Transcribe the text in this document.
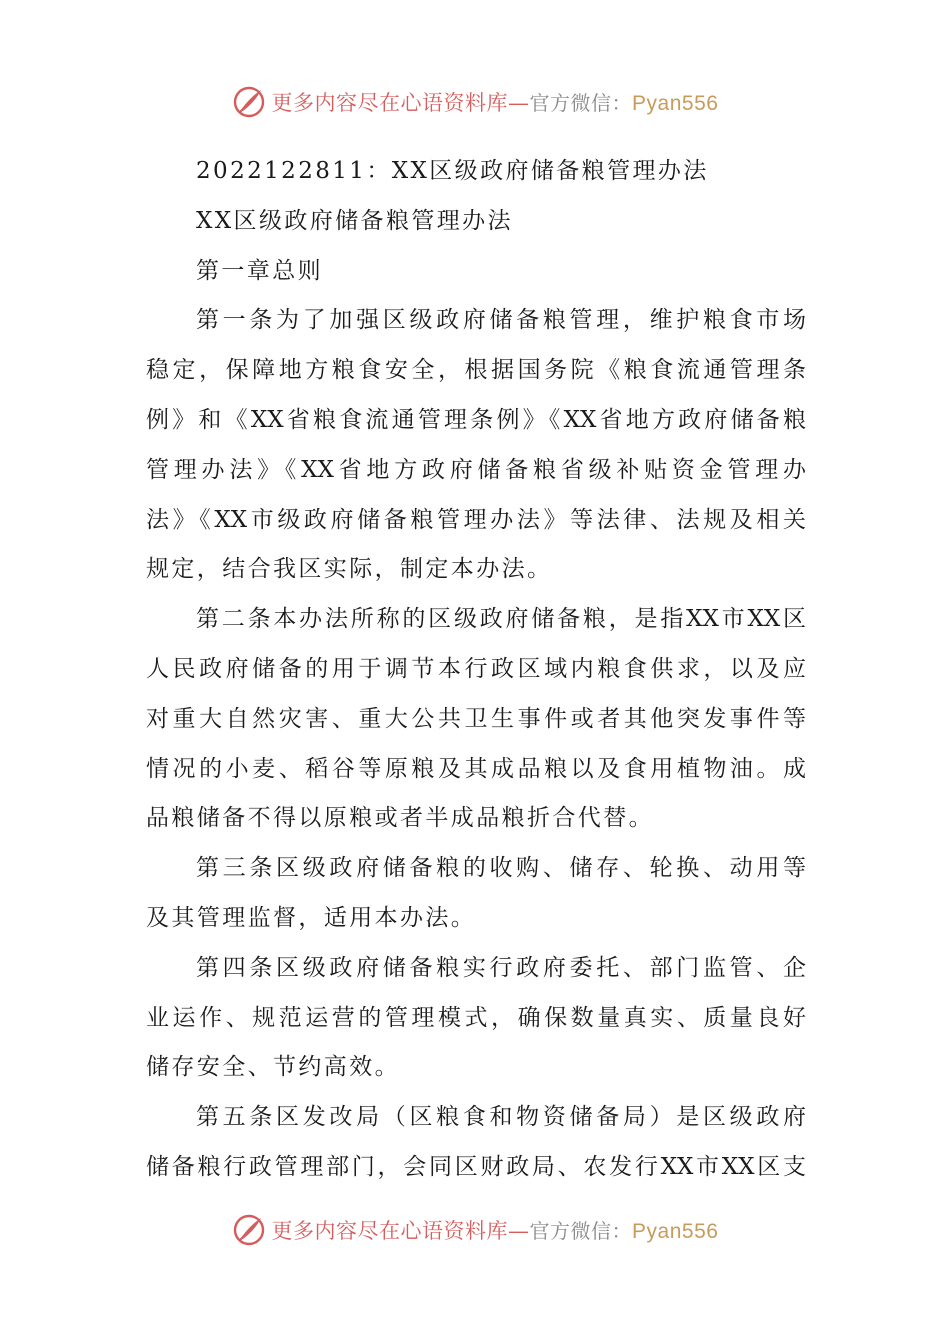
更多内容尽在心语资料库—官方微信：Pyan556
2022122811：XX区级政府储备粮管理办法
XX区级政府储备粮管理办法
第一章总则
第一条为了加强区级政府储备粮管理，维护粮食市场
稳定，保障地方粮食安全，根据国务院《粮食流通管理条
例》和《XX省粮食流通管理条例》《XX省地方政府储备粮
管理办法》《XX省地方政府储备粮省级补贴资金管理办
法》《XX市级政府储备粮管理办法》等法律、法规及相关
规定，结合我区实际，制定本办法。
第二条本办法所称的区级政府储备粮，是指XX市XX区
人民政府储备的用于调节本行政区域内粮食供求，以及应
对重大自然灾害、重大公共卫生事件或者其他突发事件等
情况的小麦、稻谷等原粮及其成品粮以及食用植物油。成
品粮储备不得以原粮或者半成品粮折合代替。
第三条区级政府储备粮的收购、储存、轮换、动用等
及其管理监督，适用本办法。
第四条区级政府储备粮实行政府委托、部门监管、企
业运作、规范运营的管理模式，确保数量真实、质量良好
储存安全、节约高效。
第五条区发改局（区粮食和物资储备局）是区级政府
储备粮行政管理部门，会同区财政局、农发行XX市XX区支
更多内容尽在心语资料库—官方微信：Pyan556
